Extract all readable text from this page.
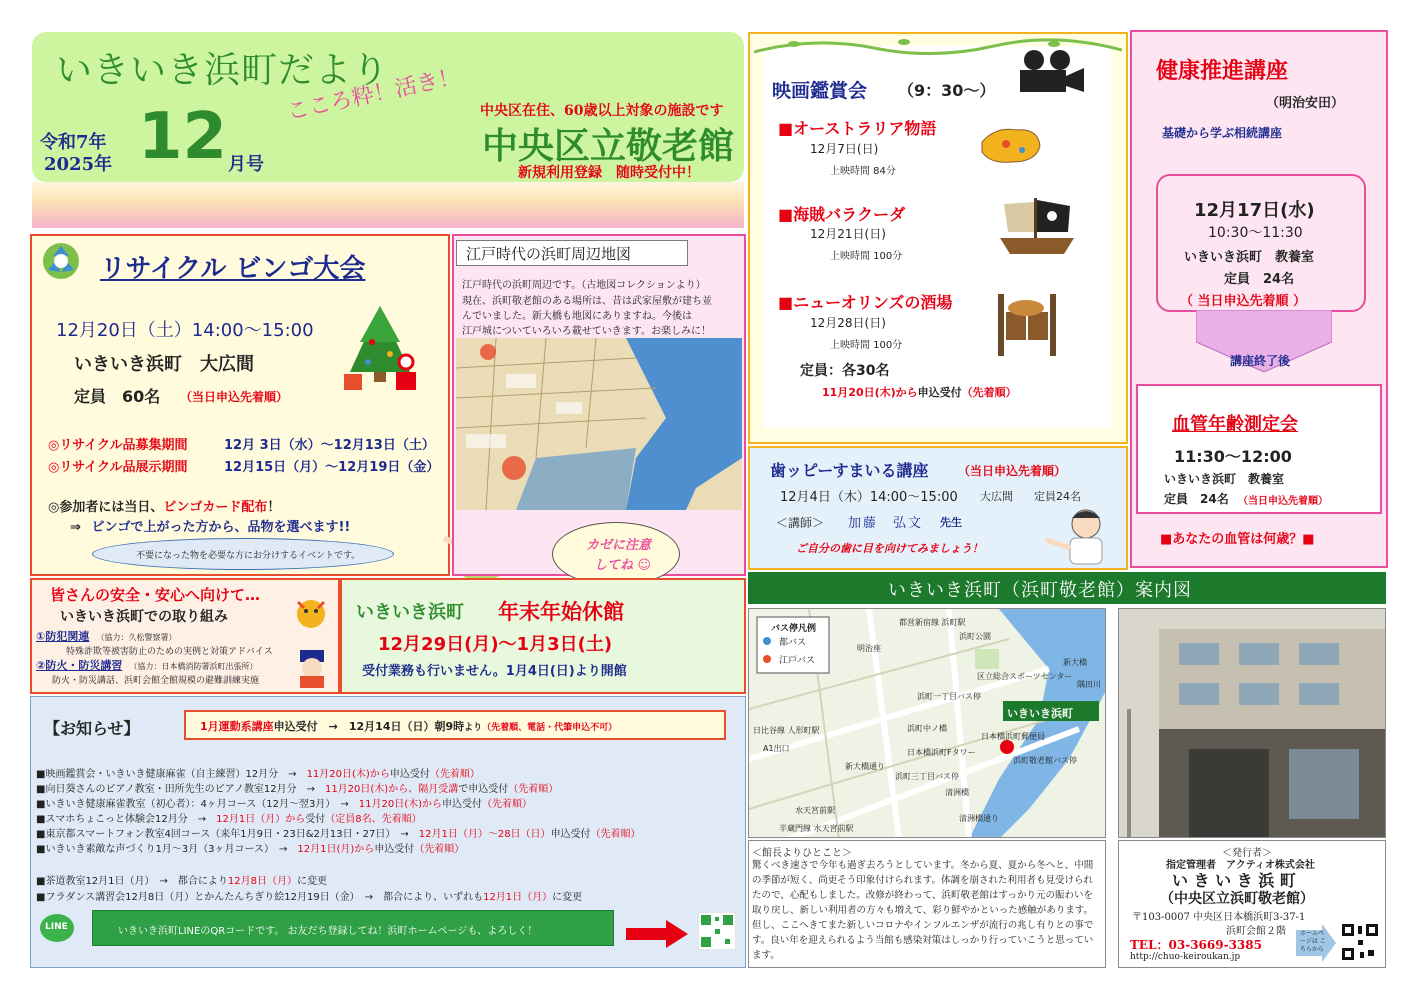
いきいき浜町だより
令和7年
2025年 12 月号
こころ粋！活き！ 中央区在住、60歳以上対象の施設です
中央区立敬老館
新規利用登録　随時受付中！
リサイクル ビンゴ大会
12月20日（土）14:00～15:00
いきいき浜町　大広間
定員　60名 （当日申込先着順）
◎リサイクル品募集期間	12月 3日（水）～12月13日（土）
◎リサイクル品展示期間	12月15日（月）～12月19日（金）
◎参加者には当日、ビンゴカード配布！
⇒ ビンゴで上がった方から、品物を選べます!!
不要になった物を必要な方にお分けするイベントです。
江戸時代の浜町周辺地図
江戸時代の浜町周辺です。（古地図コレクションより）
現在、浜町敬老館のある場所は、昔は武家屋敷が建ち並
んでいました。新大橋も地図にありますね。今後は
江戸城についていろいろ載せていきます。お楽しみに！
カゼに注意
してね ☺
皆さんの安全・安心へ向けて…
いきいき浜町での取り組み
①防犯関連 （協力：久松警察署）
特殊詐欺等被害防止のための実例と対策アドバイス
②防火・防災講習 （協力：日本橋消防署浜町出張所）
防火・防災講話、浜町会館全館規模の避難訓練実施
いきいき浜町 年末年始休館
12月29日(月)～1月3日(土)
受付業務も行いません。1月4日(日)より開館
【お知らせ】	1月運動系講座申込受付　→　12月14日（日）朝9時より（先着順、電話・代筆申込不可）
■映画鑑賞会・いきいき健康麻雀（自主練習）12月分　→　11月20日(木)から申込受付（先着順）
■向日葵さんのピアノ教室・田所先生のピアノ教室12月分　→　11月20日(木)から、隔月受講で申込受付（先着順）
■いきいき健康麻雀教室（初心者）：4ヶ月コース（12月～翌3月）　→　11月20日(木)から申込受付（先着順）
■スマホちょこっと体験会12月分　→　12月1日（月）から受付（定員8名、先着順）
■東京都スマートフォン教室4回コース（来年1月9日・23日&2月13日・27日）　→　12月1日（月）～28日（日）申込受付（先着順）
■いきいき素敵な声づくり1月～3月（3ヶ月コース）　→　12月1日(月)から申込受付（先着順）
■茶道教室12月1日（月）　→　都合により12月8日（月）に変更
■フラダンス講習会12月8日（月）とかんたんちぎり絵12月19日（金）　→　都合により、いずれも12月1日（月）に変更
LINE	いきいき浜町LINEのQRコードです。 お友だち登録してね！浜町ホームページも、よろしく！
映画鑑賞会 （9：30～）
■オーストラリア物語
12月7日(日)
上映時間 84分
■海賊バラクーダ
12月21日(日)
上映時間 100分
■ニューオリンズの酒場
12月28日(日)
上映時間 100分
定員：各30名
11月20日(木)から申込受付（先着順）
歯ッピーすまいる講座 （当日申込先着順）
12月4日（木）14:00～15:00 大広間 定員24名
＜講師＞ 加藤　弘文 先生
ご自分の歯に目を向けてみましょう！
健康推進講座
（明治安田）
基礎から学ぶ相続講座
12月17日(水)
10:30～11:30
いきいき浜町　教養室
定員　24名
（ 当日申込先着順 ）
講座終了後
血管年齢測定会
11:30～12:00
いきいき浜町　教養室
定員　24名 （当日申込先着順）
■あなたの血管は何歳？■
いきいき浜町（浜町敬老館）案内図
バス停凡例
都バス
江戸バス
いきいき浜町
都営新宿線 浜町駅
浜町公園
明治座
区立総合スポーツセンター
新大橋
浜町一丁目バス停
浜町中ノ橋
日本橋浜町郵便局
浜町敬老館バス停
日本橋浜町Fタワー
浜町三丁目バス停
清洲橋
隅田川
日比谷線 人形町駅
A1出口
水天宮前駅
半蔵門線 水天宮前駅
新大橋通り
清洲橋通り
＜館長よりひとこと＞
驚くべき速さで今年も過ぎ去ろうとしています。冬から夏、夏から冬へと、中間の季節が短く、尚更そう印象付けられます。体調を崩された利用者も見受けられたので、心配もしました。改修が終わって、浜町敬老館はすっかり元の賑わいを取り戻し、新しい利用者の方々も増えて、彩り鮮やかといった感触があります。但し、ここへきてまた新しいコロナやインフルエンザが流行の兆し有りとの事です。良い年を迎えられるよう当館も感染対策はしっかり行っていこうと思っています。
＜発行者＞
指定管理者　アクティオ株式会社
い き い き 浜 町
（中央区立浜町敬老館）
〒103-0007 中央区日本橋浜町3-37-1
浜町会館２階
TEL：03-3669-3385
http://chuo-keiroukan.jp
ホームページは こちらから
